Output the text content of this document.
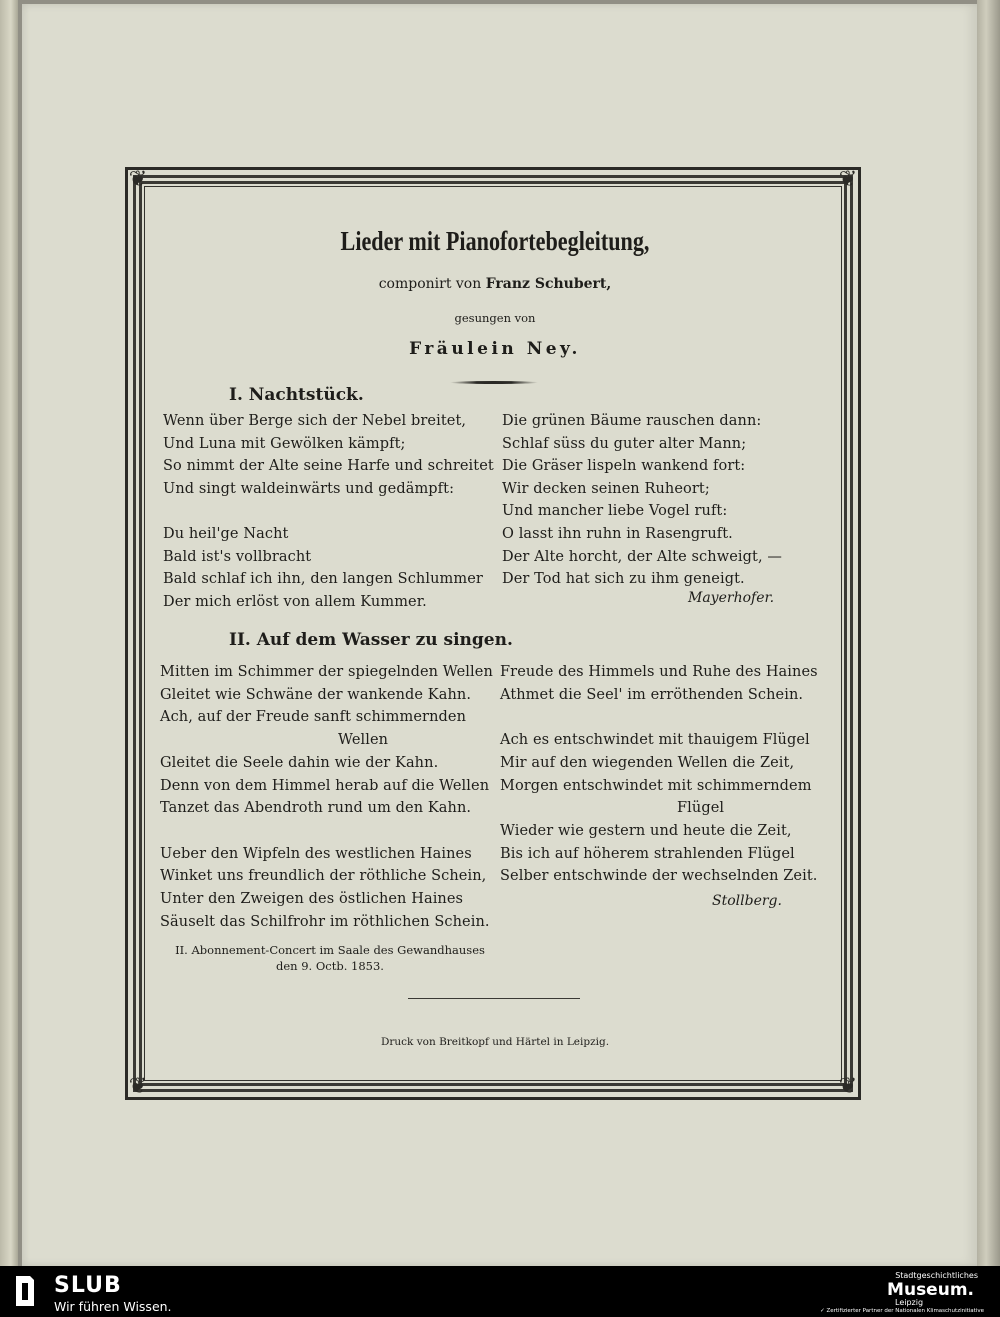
❦	❦
❦	❦
Lieder mit Pianofortebegleitung,
componirt von Franz Schubert,
gesungen von
Fräulein Ney.
I. Nachtstück.
Wenn über Berge sich der Nebel breitet,
Und Luna mit Gewölken kämpft;
So nimmt der Alte seine Harfe und schreitet
Und singt waldeinwärts und gedämpft:
Du heil'ge Nacht
Bald ist's vollbracht
Bald schlaf ich ihn, den langen Schlummer
Der mich erlöst von allem Kummer.
Die grünen Bäume rauschen dann:
Schlaf süss du guter alter Mann;
Die Gräser lispeln wankend fort:
Wir decken seinen Ruheort;
Und mancher liebe Vogel ruft:
O lasst ihn ruhn in Rasengruft.
Der Alte horcht, der Alte schweigt, —
Der Tod hat sich zu ihm geneigt.
Mayerhofer.
II. Auf dem Wasser zu singen.
Mitten im Schimmer der spiegelnden Wellen
Gleitet wie Schwäne der wankende Kahn.
Ach, auf der Freude sanft schimmernden
Wellen
Gleitet die Seele dahin wie der Kahn.
Denn von dem Himmel herab auf die Wellen
Tanzet das Abendroth rund um den Kahn.
Ueber den Wipfeln des westlichen Haines
Winket uns freundlich der röthliche Schein,
Unter den Zweigen des östlichen Haines
Säuselt das Schilfrohr im röthlichen Schein.
Freude des Himmels und Ruhe des Haines
Athmet die Seel' im erröthenden Schein.
Ach es entschwindet mit thauigem Flügel
Mir auf den wiegenden Wellen die Zeit,
Morgen entschwindet mit schimmerndem
Flügel
Wieder wie gestern und heute die Zeit,
Bis ich auf höherem strahlenden Flügel
Selber entschwinde der wechselnden Zeit.
Stollberg.
II. Abonnement-Concert im Saale des Gewandhauses
den 9. Octb. 1853.
Druck von Breitkopf und Härtel in Leipzig.
SLUB
Wir führen Wissen.
Stadtgeschichtliches
Museum.
Leipzig
✓ Zertifizierter Partner der Nationalen Klimaschutzinitiative
